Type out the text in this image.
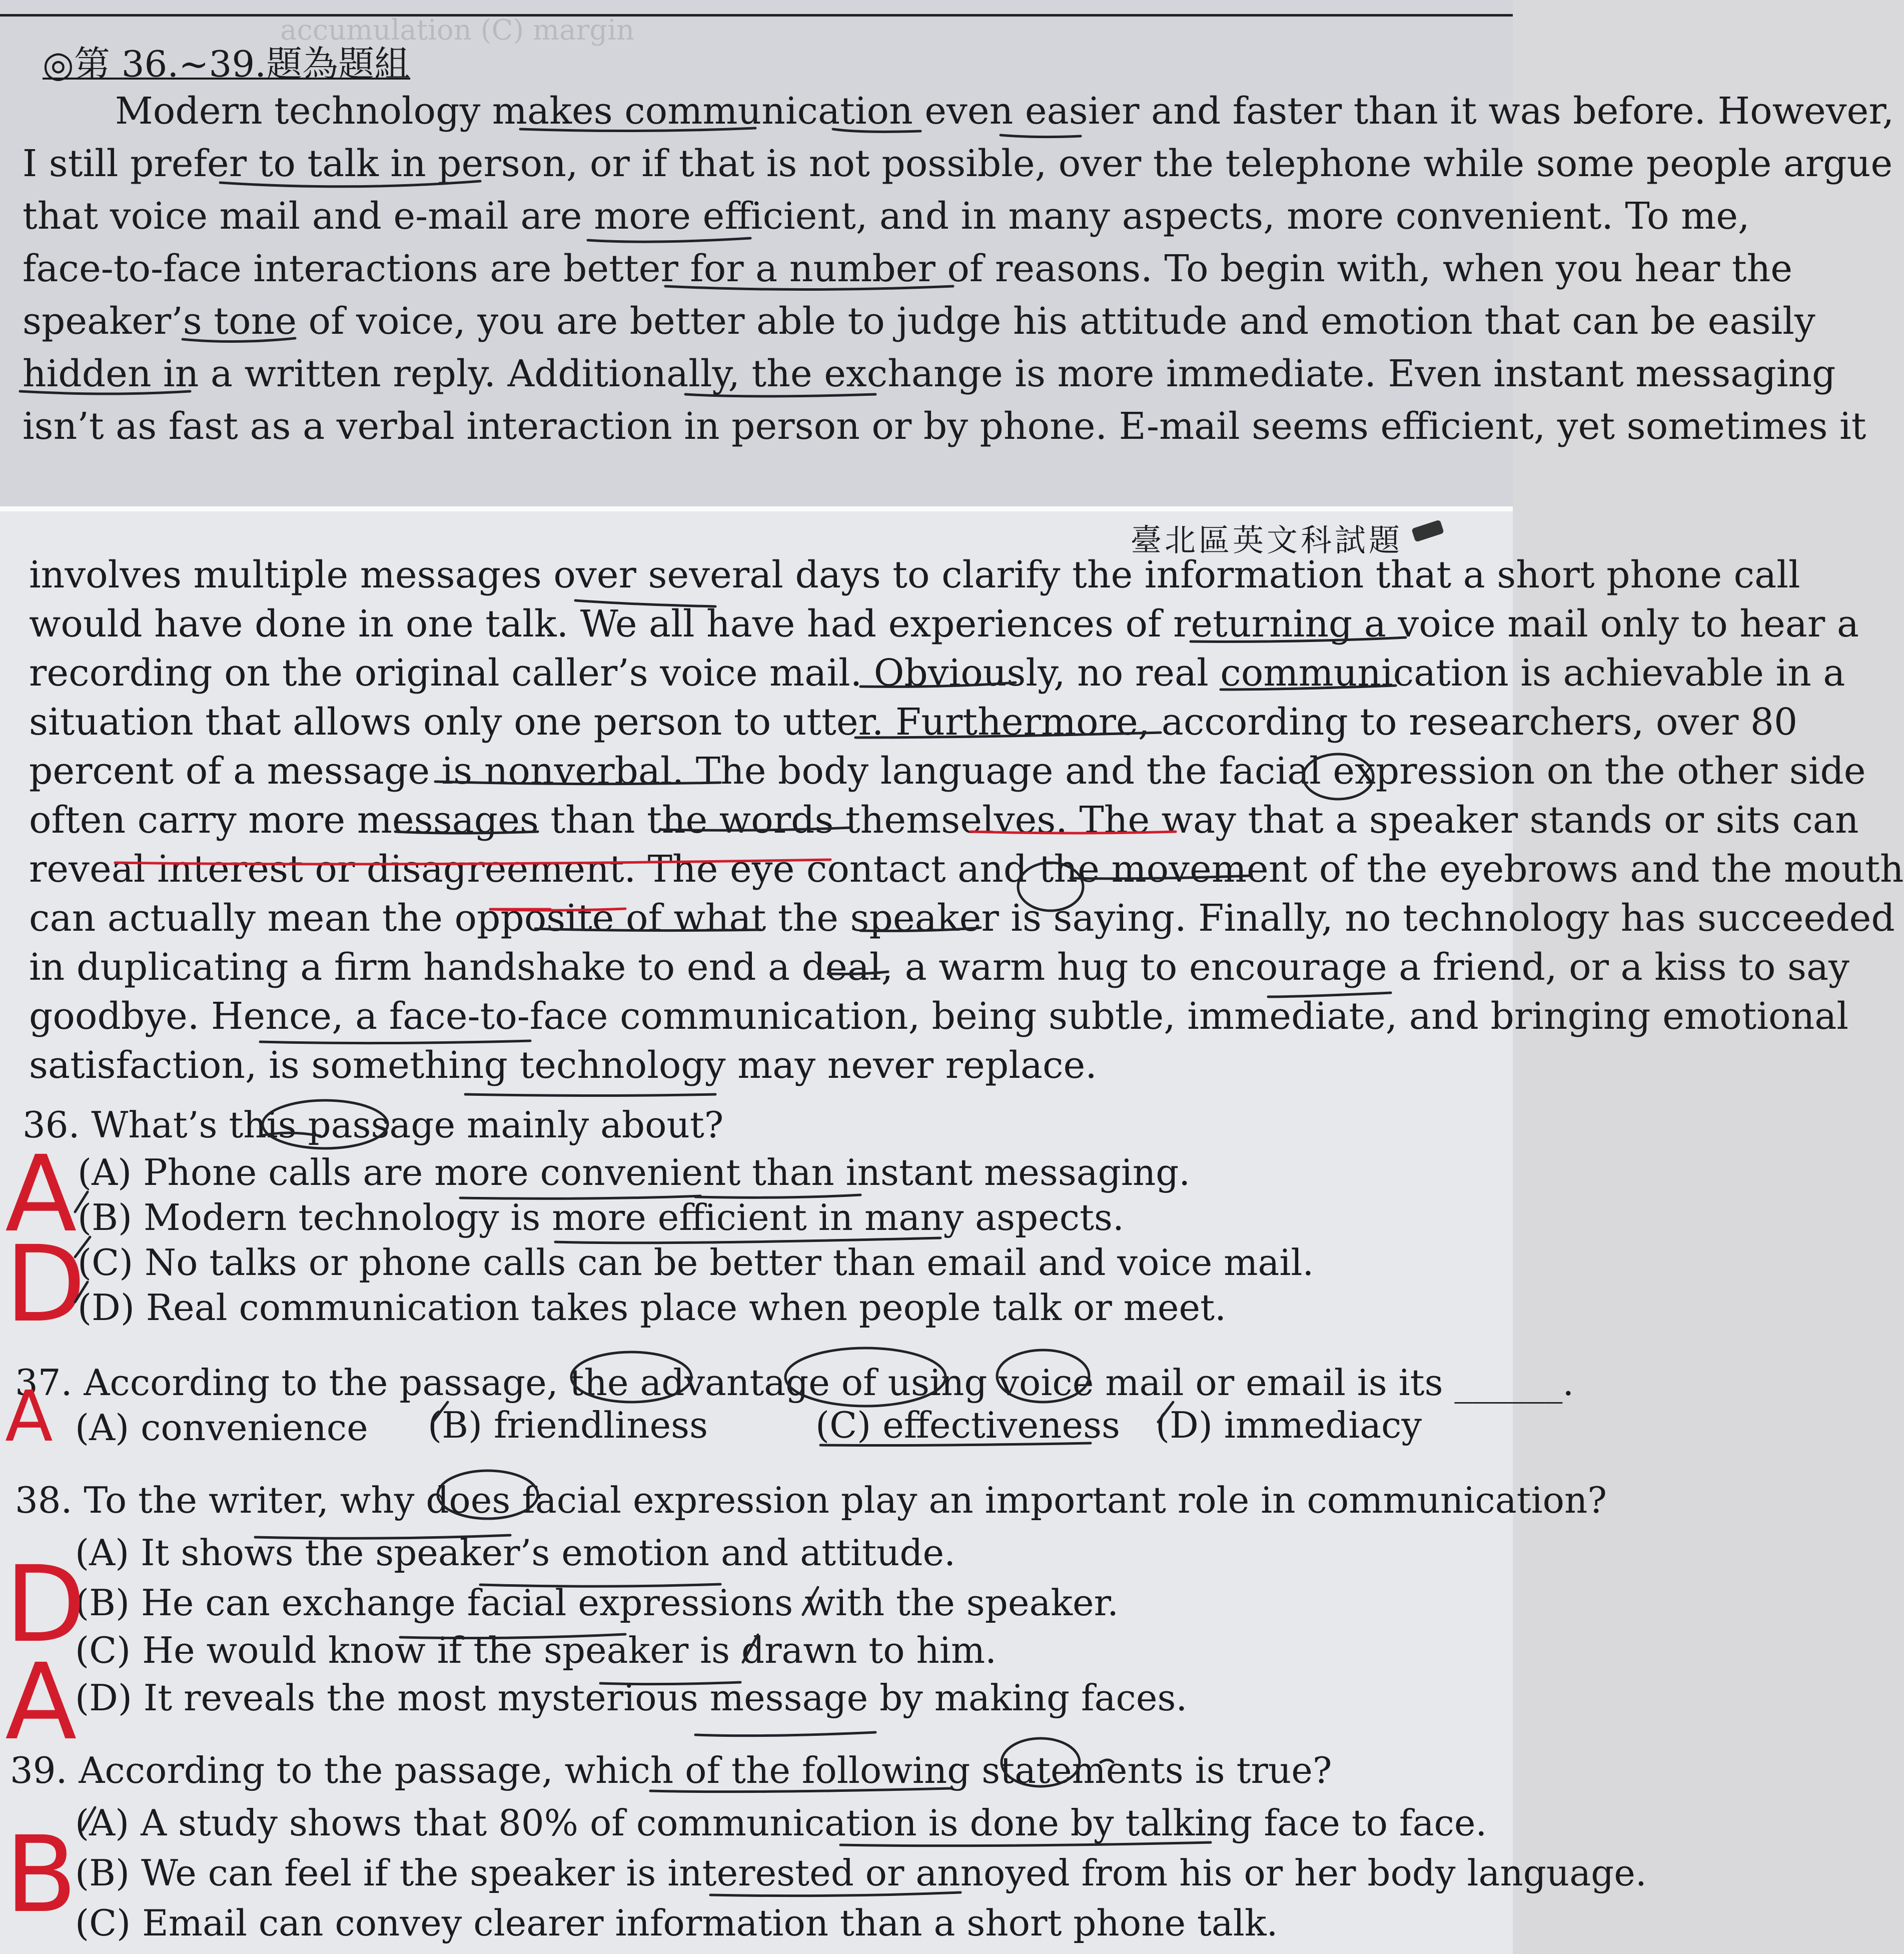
accumulation (C) margin
◎第 36.∼39.題為題組
Modern technology makes communication even easier and faster than it was before. However,
I still prefer to talk in person, or if that is not possible, over the telephone while some people argue
that voice mail and e-mail are more efficient, and in many aspects, more convenient. To me,
face-to-face interactions are better for a number of reasons. To begin with, when you hear the
speaker’s tone of voice, you are better able to judge his attitude and emotion that can be easily
hidden in a written reply. Additionally, the exchange is more immediate. Even instant messaging
isn’t as fast as a verbal interaction in person or by phone. E-mail seems efficient, yet sometimes it
臺北區英文科試題
involves multiple messages over several days to clarify the information that a short phone call
would have done in one talk. We all have had experiences of returning a voice mail only to hear a
recording on the original caller’s voice mail. Obviously, no real communication is achievable in a
situation that allows only one person to utter. Furthermore, according to researchers, over 80
percent of a message is nonverbal. The body language and the facial expression on the other side
often carry more messages than the words themselves. The way that a speaker stands or sits can
reveal interest or disagreement. The eye contact and the movement of the eyebrows and the mouth
can actually mean the opposite of what the speaker is saying. Finally, no technology has succeeded
in duplicating a firm handshake to end a deal, a warm hug to encourage a friend, or a kiss to say
goodbye. Hence, a face-to-face communication, being subtle, immediate, and bringing emotional
satisfaction, is something technology may never replace.
36. What’s this passage mainly about?
(A) Phone calls are more convenient than instant messaging.
(B) Modern technology is more efficient in many aspects.
(C) No talks or phone calls can be better than email and voice mail.
(D) Real communication takes place when people talk or meet.
37. According to the passage, the advantage of using voice mail or email is its ______.
(A) convenience (B) friendliness	(C) effectiveness (D) immediacy
38. To the writer, why does facial expression play an important role in communication?
(A) It shows the speaker’s emotion and attitude.
(B) He can exchange facial expressions with the speaker.
(C) He would know if the speaker is drawn to him.
(D) It reveals the most mysterious message by making faces.
39. According to the passage, which of the following statements is true?
(A) A study shows that 80% of communication is done by talking face to face.
(B) We can feel if the speaker is interested or annoyed from his or her body language.
(C) Email can convey clearer information than a short phone talk.
A
D
A
D
A
B
